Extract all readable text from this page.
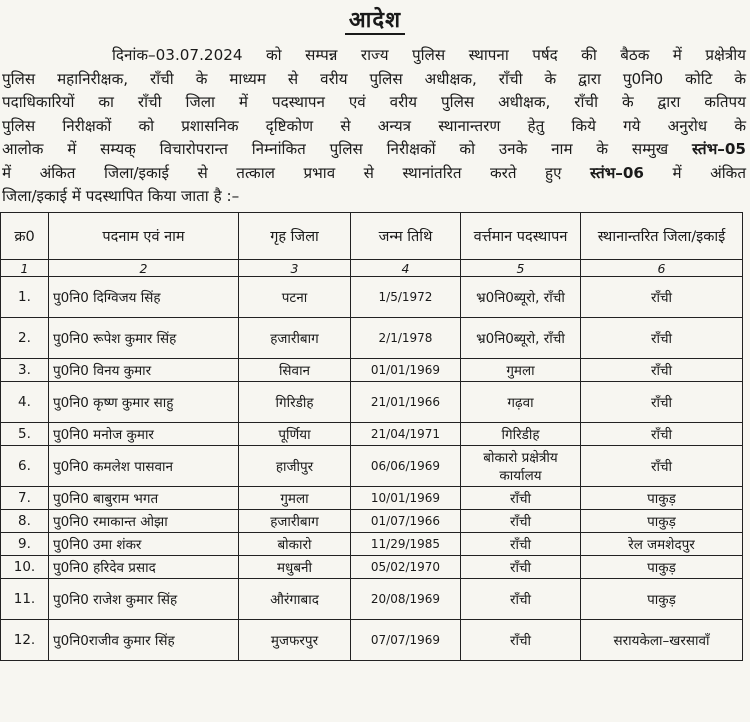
आदेश
दिनांक–03.07.2024 को सम्पन्न राज्य पुलिस स्थापना पर्षद की बैठक में प्रक्षेत्रीय
पुलिस महानिरीक्षक, राँची के माध्यम से वरीय पुलिस अधीक्षक, राँची के द्वारा पु0नि0 कोटि के
पदाधिकारियों का राँची जिला में पदस्थापन एवं वरीय पुलिस अधीक्षक, राँची के द्वारा कतिपय
पुलिस निरीक्षकों को प्रशासनिक दृष्टिकोण से अन्यत्र स्थानान्तरण हेतु किये गये अनुरोध के
आलोक में सम्यक् विचारोपरान्त निम्नांकित पुलिस निरीक्षकों को उनके नाम के सम्मुख स्तंभ–05
में अंकित जिला/इकाई से तत्काल प्रभाव से स्थानांतरित करते हुए स्तंभ–06 में अंकित
जिला/इकाई में पदस्थापित किया जाता है :–
क्र0	पदनाम एवं नाम	गृह जिला	जन्म तिथि	वर्त्तमान पदस्थापन	स्थानान्तरित जिला/इकाई
1	2	3	4	5	6
1.	पु0नि0 दिग्विजय सिंह	पटना	1/5/1972	भ्र0नि0ब्यूरो, राँची	राँची
2.	पु0नि0 रूपेश कुमार सिंह	हजारीबाग	2/1/1978	भ्र0नि0ब्यूरो, राँची	राँची
3.	पु0नि0 विनय कुमार	सिवान	01/01/1969	गुमला	राँची
4.	पु0नि0 कृष्ण कुमार साहु	गिरिडीह	21/01/1966	गढ़वा	राँची
5.	पु0नि0 मनोज कुमार	पूर्णिया	21/04/1971	गिरिडीह	राँची
6.	पु0नि0 कमलेश पासवान	हाजीपुर	06/06/1969	बोकारो प्रक्षेत्रीय कार्यालय	राँची
7.	पु0नि0 बाबुराम भगत	गुमला	10/01/1969	राँची	पाकुड़
8.	पु0नि0 रमाकान्त ओझा	हजारीबाग	01/07/1966	राँची	पाकुड़
9.	पु0नि0 उमा शंकर	बोकारो	11/29/1985	राँची	रेल जमशेदपुर
10.	पु0नि0 हरिदेव प्रसाद	मधुबनी	05/02/1970	राँची	पाकुड़
11.	पु0नि0 राजेश कुमार सिंह	औरंगाबाद	20/08/1969	राँची	पाकुड़
12.	पु0नि0राजीव कुमार सिंह	मुजफरपुर	07/07/1969	राँची	सरायकेला–खरसावाँ
